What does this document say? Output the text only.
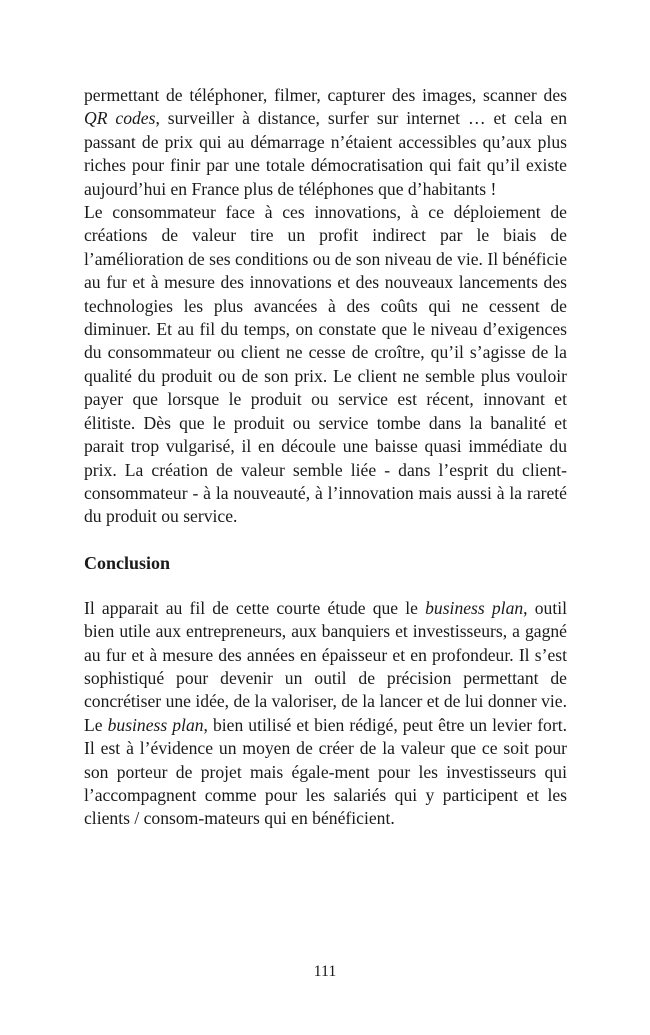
permettant de téléphoner, filmer, capturer des images, scanner des QR codes, surveiller à distance, surfer sur internet … et cela en passant de prix qui au démarrage n’étaient accessibles qu’aux plus riches pour finir par une totale démocratisation qui fait qu’il existe aujourd’hui en France plus de téléphones que d’habitants !

Le consommateur face à ces innovations, à ce déploiement de créations de valeur tire un profit indirect par le biais de l’amélioration de ses conditions ou de son niveau de vie. Il bénéficie au fur et à mesure des innovations et des nouveaux lancements des technologies les plus avancées à des coûts qui ne cessent de diminuer. Et au fil du temps, on constate que le niveau d’exigences du consommateur ou client ne cesse de croître, qu’il s’agisse de la qualité du produit ou de son prix. Le client ne semble plus vouloir payer que lorsque le produit ou service est récent, innovant et élitiste. Dès que le produit ou service tombe dans la banalité et parait trop vulgarisé, il en découle une baisse quasi immédiate du prix. La création de valeur semble liée - dans l’esprit du client-consommateur - à la nouveauté, à l’innovation mais aussi à la rareté du produit ou service.

Conclusion

Il apparait au fil de cette courte étude que le business plan, outil bien utile aux entrepreneurs, aux banquiers et investisseurs, a gagné au fur et à mesure des années en épaisseur et en profondeur. Il s’est sophistiqué pour devenir un outil de précision permettant de concrétiser une idée, de la valoriser, de la lancer et de lui donner vie. Le business plan, bien utilisé et bien rédigé, peut être un levier fort. Il est à l’évidence un moyen de créer de la valeur que ce soit pour son porteur de projet mais égale-ment pour les investisseurs qui l’accompagnent comme pour les salariés qui y participent et les clients / consom-mateurs qui en bénéficient.

111
